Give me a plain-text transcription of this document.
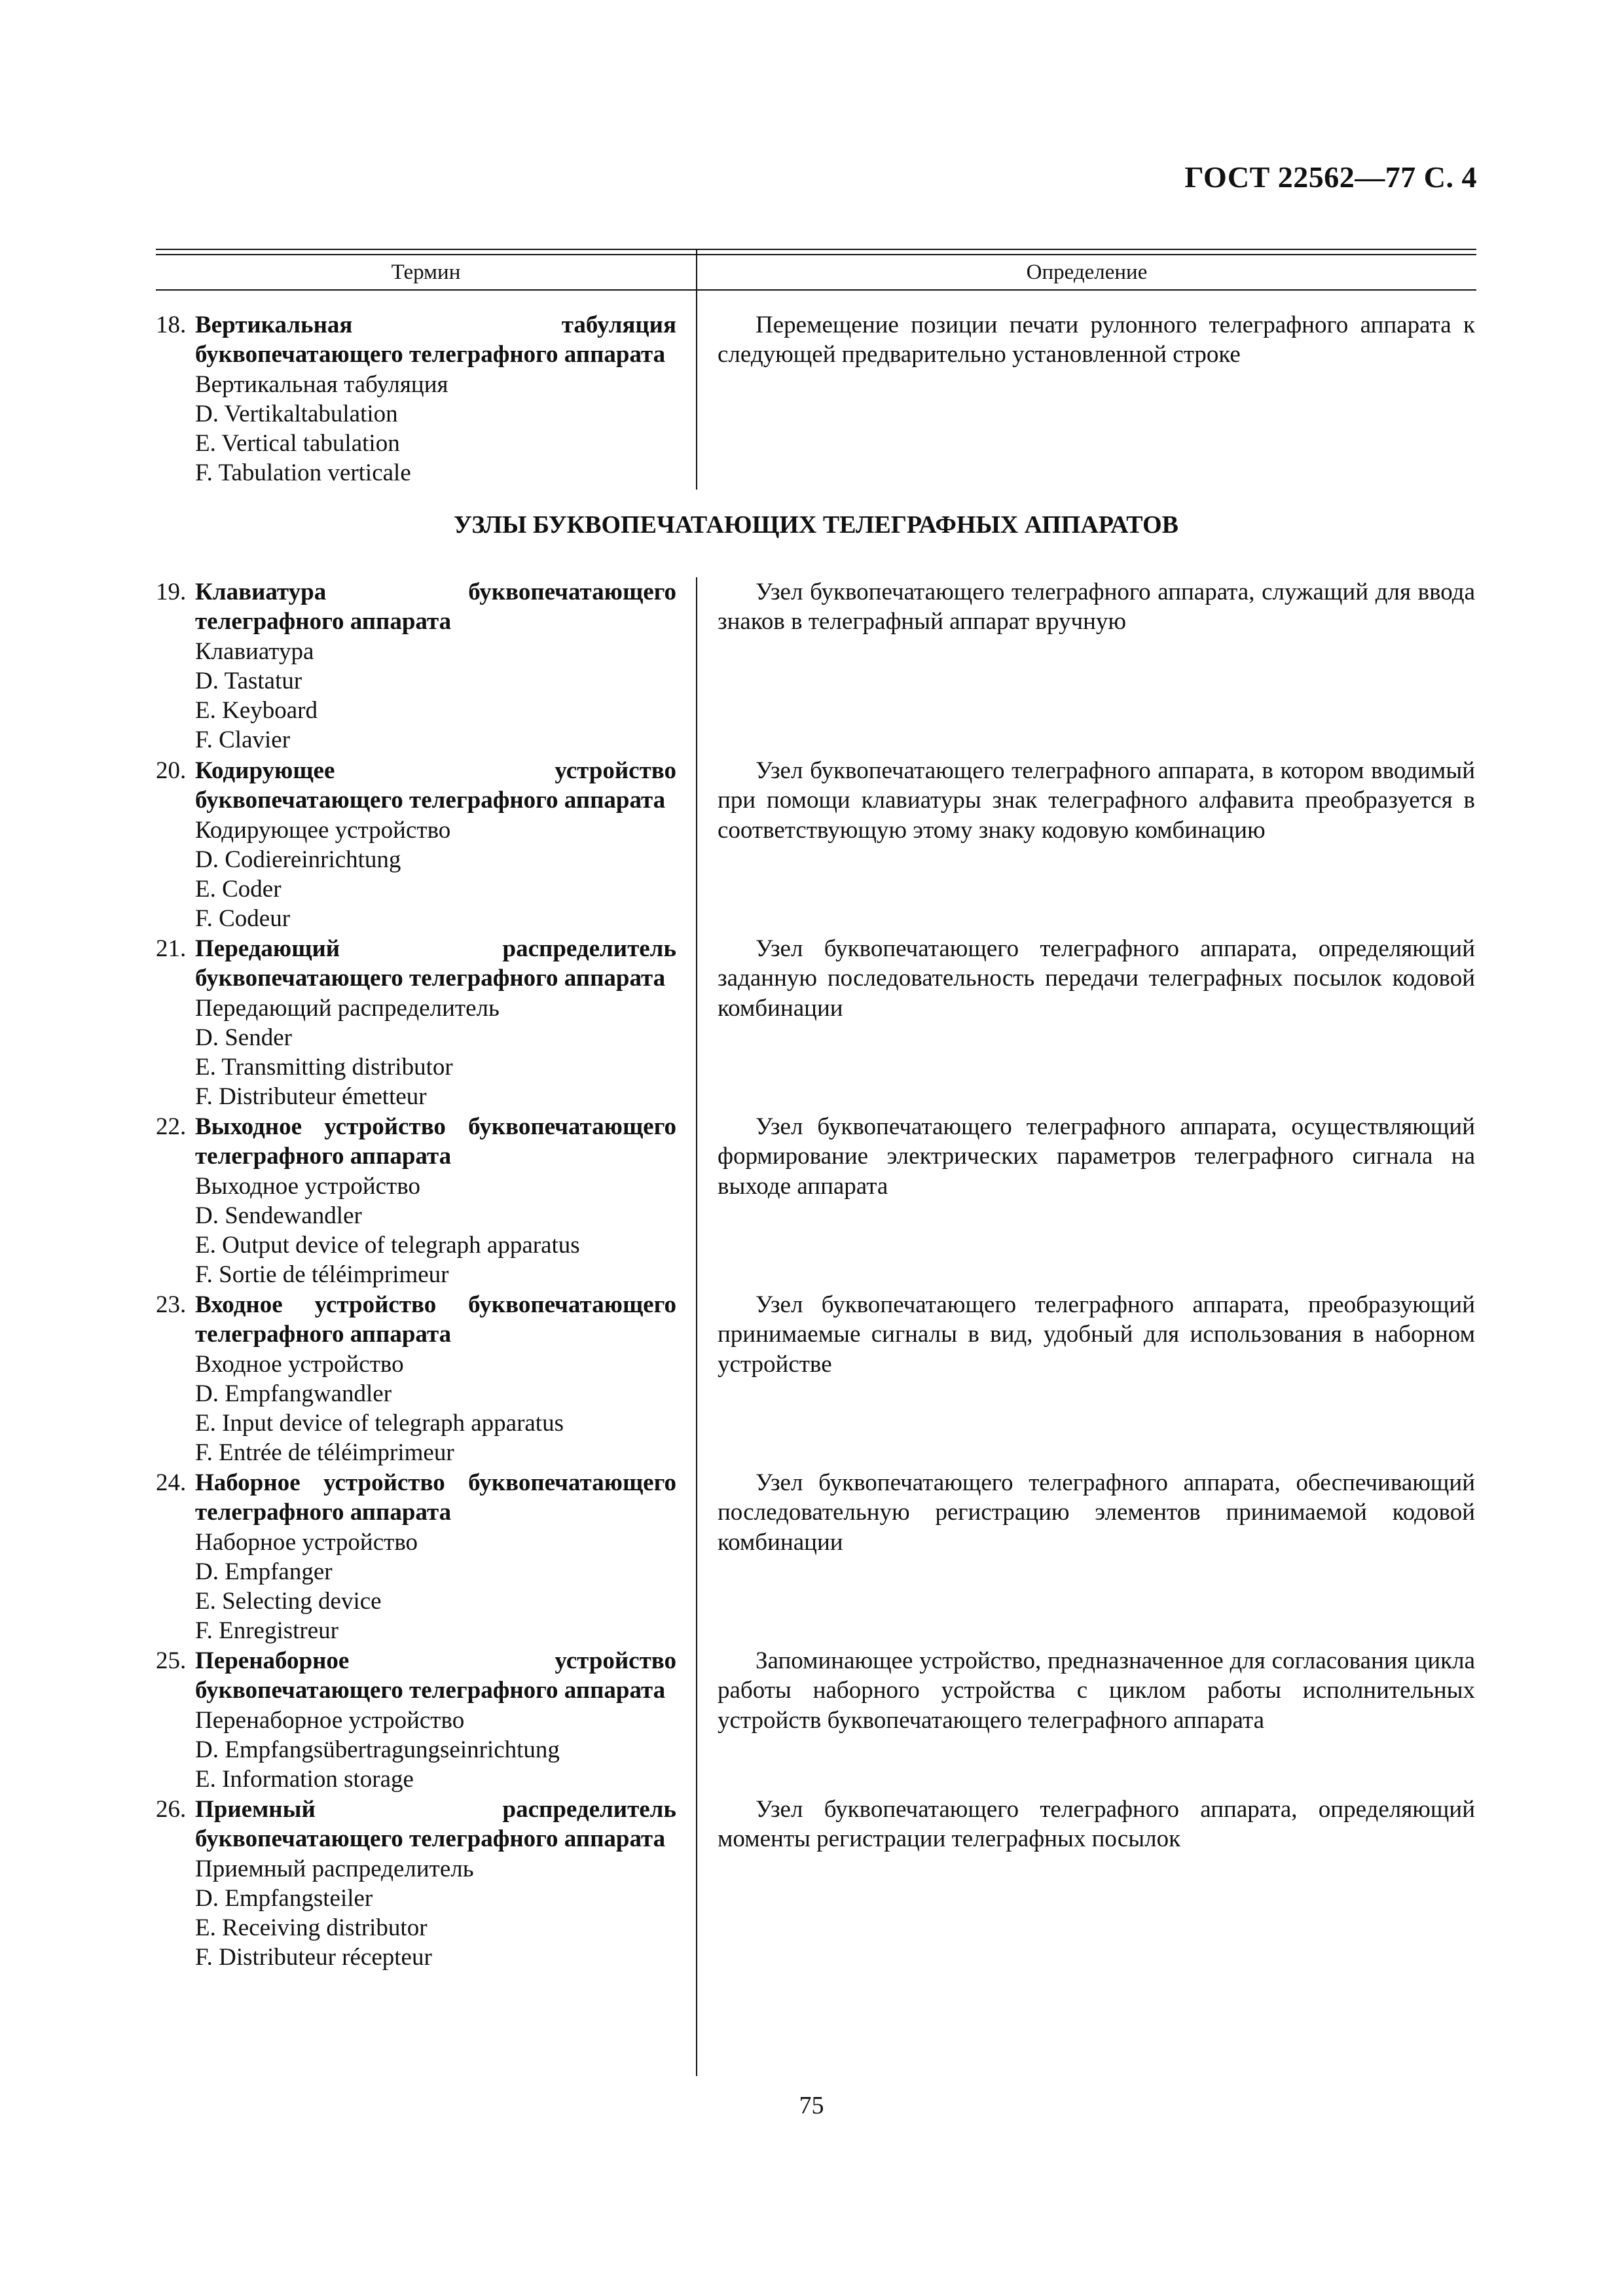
ГОСТ 22562—77 С. 4
Термин	Определение
УЗЛЫ БУКВОПЕЧАТАЮЩИХ ТЕЛЕГРАФНЫХ АППАРАТОВ
18. Вертикальная табуляция буквопечатающего телеграфного аппарата
Вертикальная табуляция
D. Vertikaltabulation
E. Vertical tabulation
F. Tabulation verticale
Перемещение позиции печати рулонного телеграфного аппарата к следующей предварительно установленной строке
19. Клавиатура буквопечатающего телеграфного аппарата
Клавиатура
D. Tastatur
E. Keyboard
F. Clavier
Узел буквопечатающего телеграфного аппарата, служащий для ввода знаков в телеграфный аппарат вручную
20. Кодирующее устройство буквопечатающего телеграфного аппарата
Кодирующее устройство
D. Codiereinrichtung
E. Coder
F. Codeur
Узел буквопечатающего телеграфного аппарата, в котором вводимый при помощи клавиатуры знак телеграфного алфавита преобразуется в соответствующую этому знаку кодовую комбинацию
21. Передающий распределитель буквопечатающего телеграфного аппарата
Передающий распределитель
D. Sender
E. Transmitting distributor
F. Distributeur émetteur
Узел буквопечатающего телеграфного аппарата, определяющий заданную последовательность передачи телеграфных посылок кодовой комбинации
22. Выходное устройство буквопечатающего телеграфного аппарата
Выходное устройство
D. Sendewandler
E. Output device of telegraph apparatus
F. Sortie de téléimprimeur
Узел буквопечатающего телеграфного аппарата, осуществляющий формирование электрических параметров телеграфного сигнала на выходе аппарата
23. Входное устройство буквопечатающего телеграфного аппарата
Входное устройство
D. Empfangwandler
E. Input device of telegraph apparatus
F. Entrée de téléimprimeur
Узел буквопечатающего телеграфного аппарата, преобразующий принимаемые сигналы в вид, удобный для использования в наборном устройстве
24. Наборное устройство буквопечатающего телеграфного аппарата
Наборное устройство
D. Empfanger
E. Selecting device
F. Enregistreur
Узел буквопечатающего телеграфного аппарата, обеспечивающий последовательную регистрацию элементов принимаемой кодовой комбинации
25. Перенаборное устройство буквопечатающего телеграфного аппарата
Перенаборное устройство
D. Empfangsübertragungseinrichtung
E. Information storage
Запоминающее устройство, предназначенное для согласования цикла работы наборного устройства с циклом работы исполнительных устройств буквопечатающего телеграфного аппарата
26. Приемный распределитель буквопечатающего телеграфного аппарата
Приемный распределитель
D. Empfangsteiler
E. Receiving distributor
F. Distributeur récepteur
Узел буквопечатающего телеграфного аппарата, определяющий моменты регистрации телеграфных посылок
75
